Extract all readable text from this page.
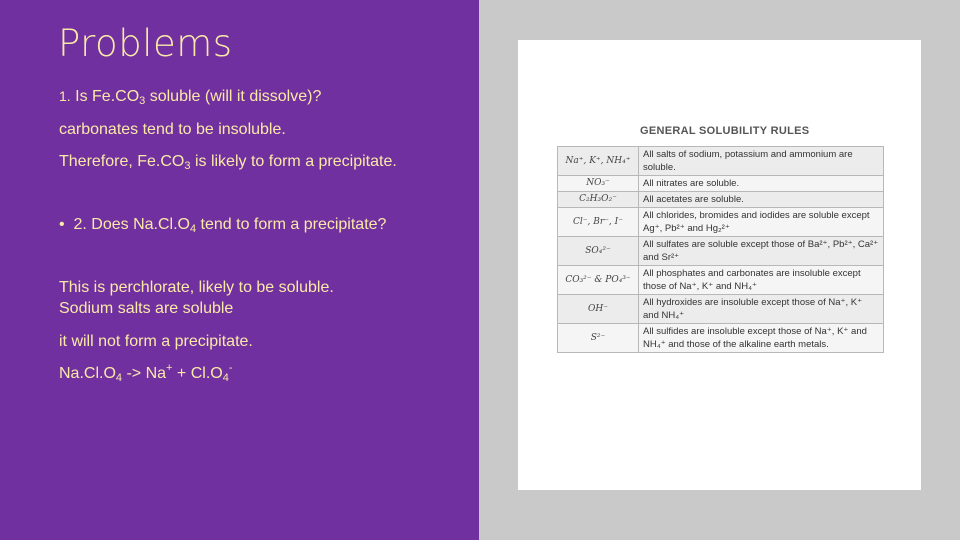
Problems
1. Is $Fe.CO_3$ soluble (will it dissolve)?
carbonates tend to be insoluble.
Therefore, $Fe.CO_3$ is likely to form a precipitate.
• 2. Does $Na.Cl.O_4$ tend to form a precipitate?
This is perchlorate, likely to be soluble.
Sodium salts are soluble
it will not form a precipitate.
$Na.Cl.O_4 -> Na^+ + Cl.O_4^-$
GENERAL SOLUBILITY RULES
Na⁺, K⁺, NH₄⁺	All salts of sodium, potassium and ammonium are soluble.
NO₃⁻	All nitrates are soluble.
C₂H₃O₂⁻	All acetates are soluble.
Cl⁻, Br⁻, I⁻	All chlorides, bromides and iodides are soluble except Ag⁺, Pb²⁺ and Hg₂²⁺
SO₄²⁻	All sulfates are soluble except those of Ba²⁺, Pb²⁺, Ca²⁺ and Sr²⁺
CO₃²⁻ & PO₄³⁻	All phosphates and carbonates are insoluble except those of Na⁺, K⁺ and NH₄⁺
OH⁻	All hydroxides are insoluble except those of Na⁺, K⁺ and NH₄⁺
S²⁻	All sulfides are insoluble except those of Na⁺, K⁺ and NH₄⁺ and those of the alkaline earth metals.
